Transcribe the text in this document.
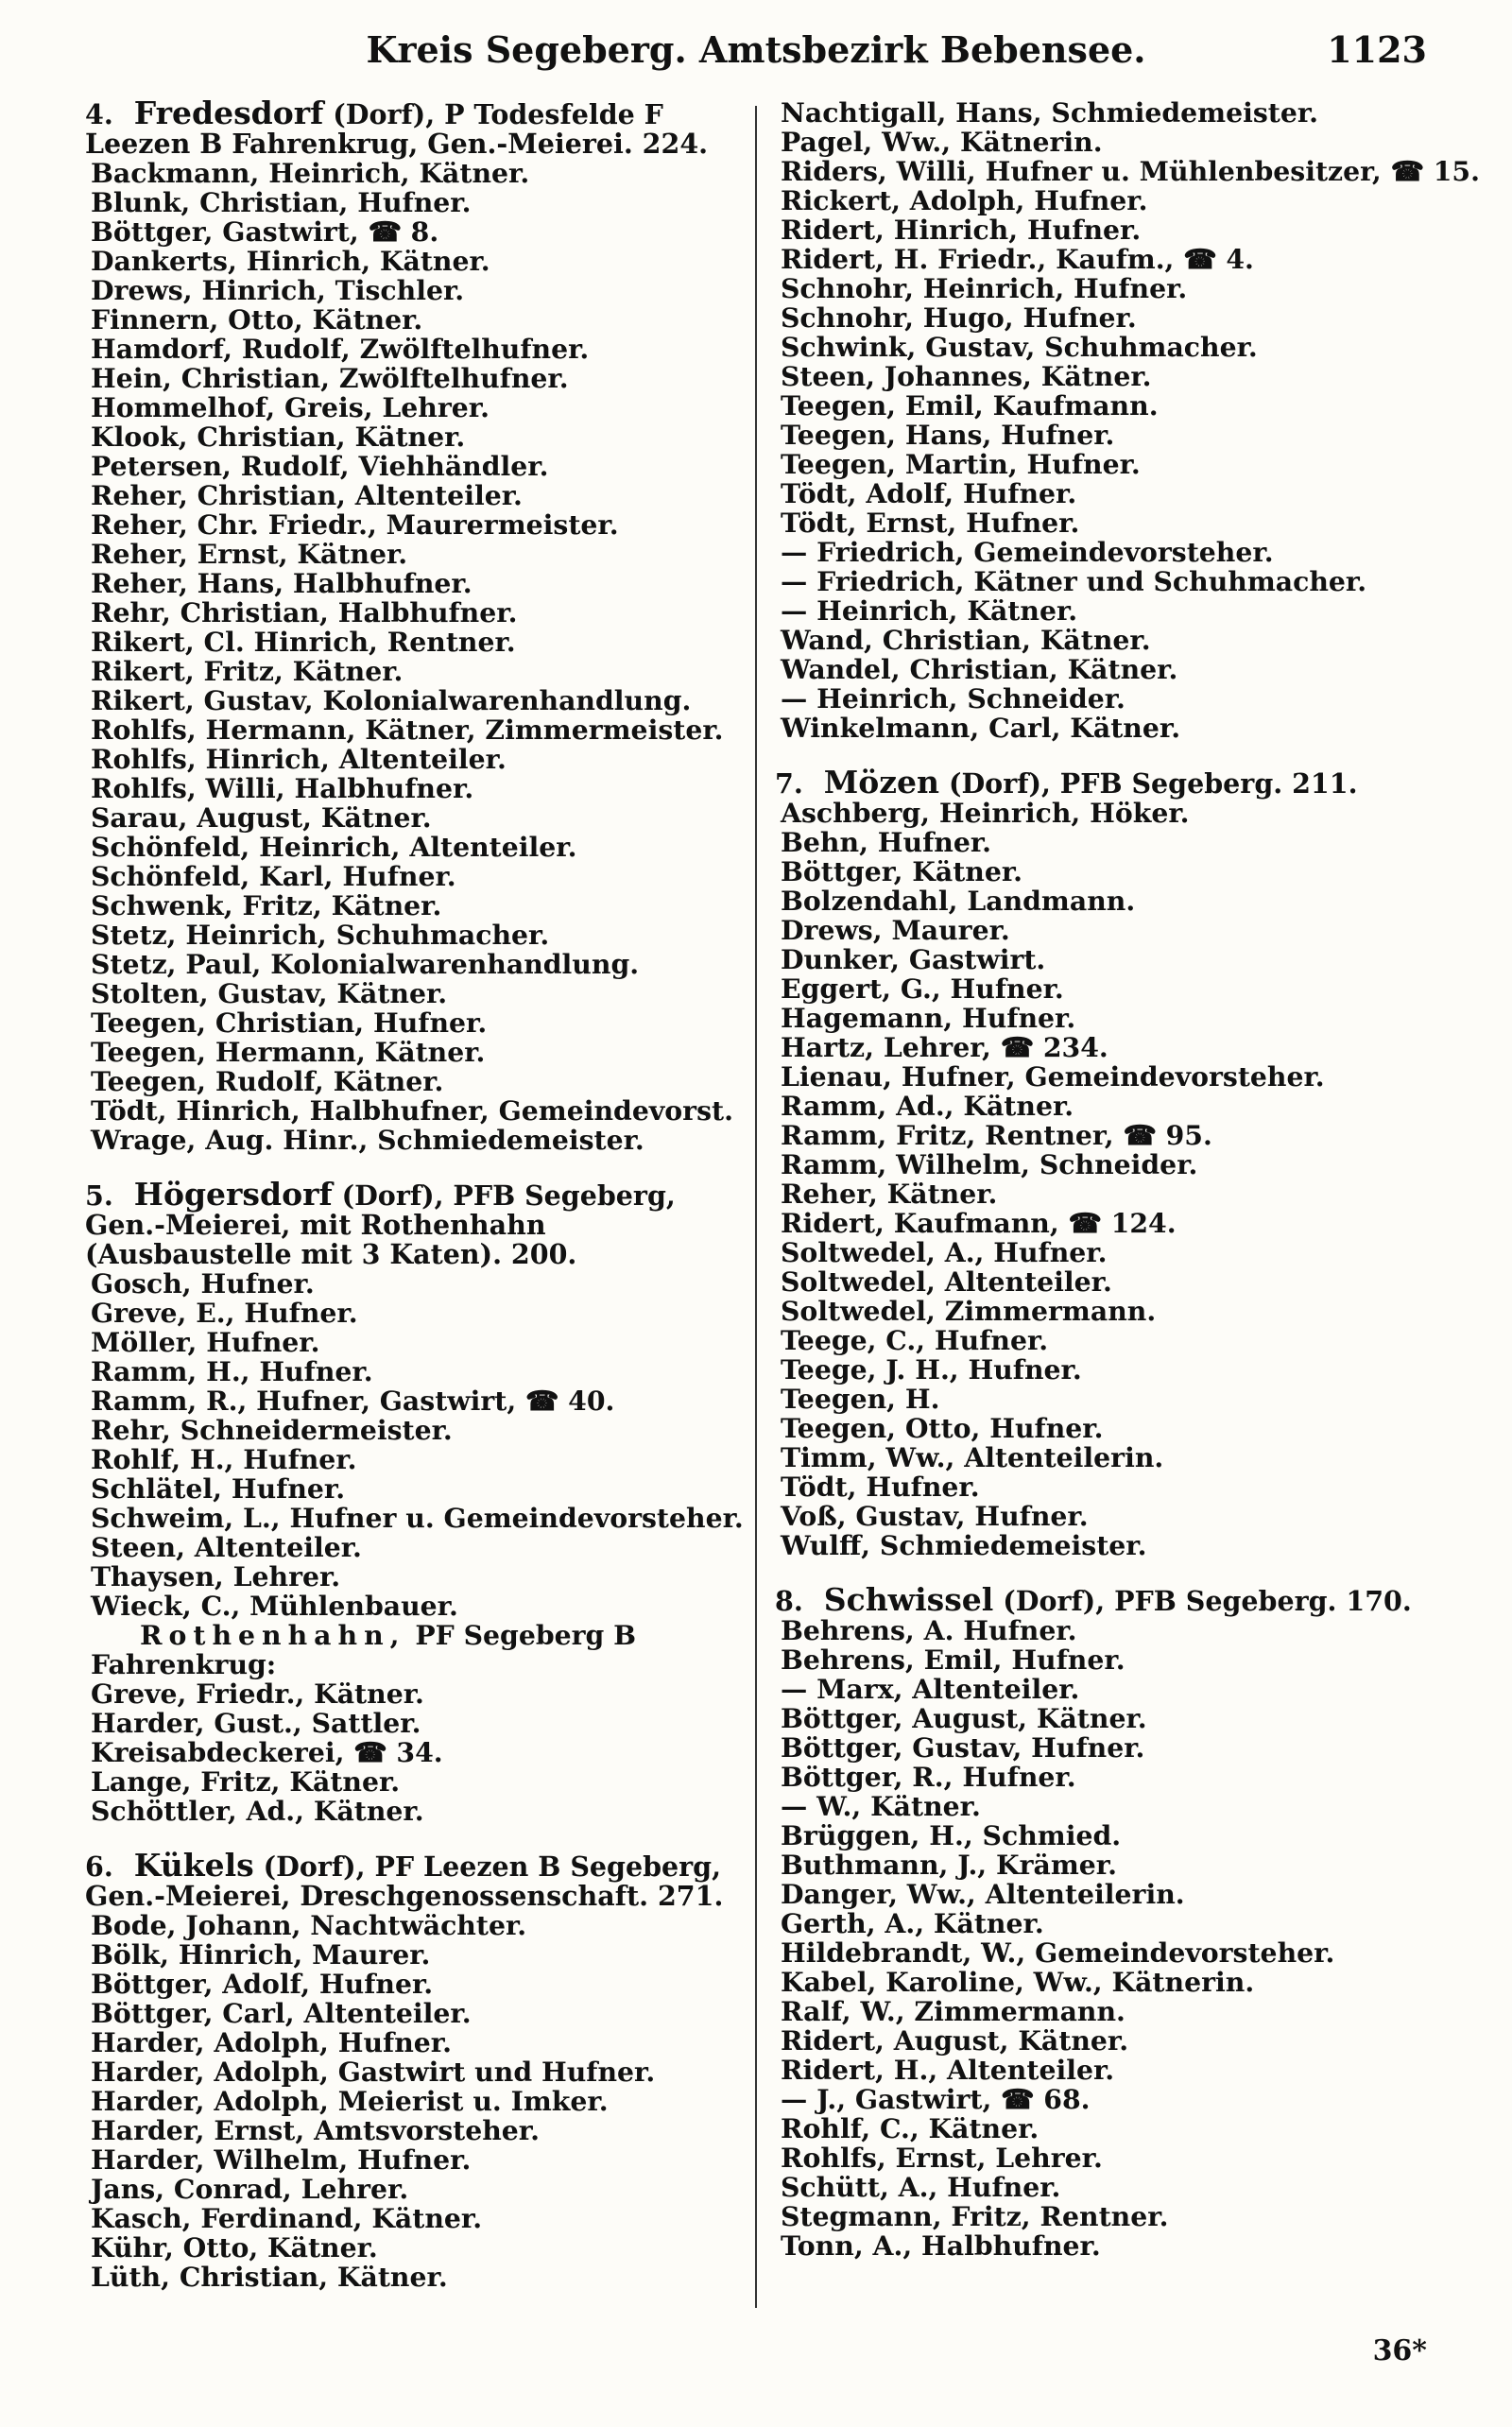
Kreis Segeberg. Amtsbezirk Bebensee.	1123
4. Fredesdorf (Dorf), P Todesfelde F Leezen B Fahrenkrug, Gen.-Meierei. 224.
Backmann, Heinrich, Kätner.
Blunk, Christian, Hufner.
Böttger, Gastwirt, ☎ 8.
Dankerts, Hinrich, Kätner.
Drews, Hinrich, Tischler.
Finnern, Otto, Kätner.
Hamdorf, Rudolf, Zwölftelhufner.
Hein, Christian, Zwölftelhufner.
Hommelhof, Greis, Lehrer.
Klook, Christian, Kätner.
Petersen, Rudolf, Viehhändler.
Reher, Christian, Altenteiler.
Reher, Chr. Friedr., Maurermeister.
Reher, Ernst, Kätner.
Reher, Hans, Halbhufner.
Rehr, Christian, Halbhufner.
Rikert, Cl. Hinrich, Rentner.
Rikert, Fritz, Kätner.
Rikert, Gustav, Kolonialwarenhandlung.
Rohlfs, Hermann, Kätner, Zimmermeister.
Rohlfs, Hinrich, Altenteiler.
Rohlfs, Willi, Halbhufner.
Sarau, August, Kätner.
Schönfeld, Heinrich, Altenteiler.
Schönfeld, Karl, Hufner.
Schwenk, Fritz, Kätner.
Stetz, Heinrich, Schuhmacher.
Stetz, Paul, Kolonialwarenhandlung.
Stolten, Gustav, Kätner.
Teegen, Christian, Hufner.
Teegen, Hermann, Kätner.
Teegen, Rudolf, Kätner.
Tödt, Hinrich, Halbhufner, Gemeindevorst.
Wrage, Aug. Hinr., Schmiedemeister.
5. Högersdorf (Dorf), PFB Segeberg, Gen.-Meierei, mit Rothenhahn (Ausbaustelle mit 3 Katen). 200.
Gosch, Hufner.
Greve, E., Hufner.
Möller, Hufner.
Ramm, H., Hufner.
Ramm, R., Hufner, Gastwirt, ☎ 40.
Rehr, Schneidermeister.
Rohlf, H., Hufner.
Schlätel, Hufner.
Schweim, L., Hufner u. Gemeindevorsteher.
Steen, Altenteiler.
Thaysen, Lehrer.
Wieck, C., Mühlenbauer.
Rothenhahn, PF Segeberg B Fahrenkrug:
Greve, Friedr., Kätner.
Harder, Gust., Sattler.
Kreisabdeckerei, ☎ 34.
Lange, Fritz, Kätner.
Schöttler, Ad., Kätner.
6. Kükels (Dorf), PF Leezen B Segeberg, Gen.-Meierei, Dreschgenossenschaft. 271.
Bode, Johann, Nachtwächter.
Bölk, Hinrich, Maurer.
Böttger, Adolf, Hufner.
Böttger, Carl, Altenteiler.
Harder, Adolph, Hufner.
Harder, Adolph, Gastwirt und Hufner.
Harder, Adolph, Meierist u. Imker.
Harder, Ernst, Amtsvorsteher.
Harder, Wilhelm, Hufner.
Jans, Conrad, Lehrer.
Kasch, Ferdinand, Kätner.
Kühr, Otto, Kätner.
Lüth, Christian, Kätner.
Nachtigall, Hans, Schmiedemeister.
Pagel, Ww., Kätnerin.
Riders, Willi, Hufner u. Mühlenbesitzer, ☎ 15.
Rickert, Adolph, Hufner.
Ridert, Hinrich, Hufner.
Ridert, H. Friedr., Kaufm., ☎ 4.
Schnohr, Heinrich, Hufner.
Schnohr, Hugo, Hufner.
Schwink, Gustav, Schuhmacher.
Steen, Johannes, Kätner.
Teegen, Emil, Kaufmann.
Teegen, Hans, Hufner.
Teegen, Martin, Hufner.
Tödt, Adolf, Hufner.
Tödt, Ernst, Hufner.
— Friedrich, Gemeindevorsteher.
— Friedrich, Kätner und Schuhmacher.
— Heinrich, Kätner.
Wand, Christian, Kätner.
Wandel, Christian, Kätner.
— Heinrich, Schneider.
Winkelmann, Carl, Kätner.
7. Mözen (Dorf), PFB Segeberg. 211.
Aschberg, Heinrich, Höker.
Behn, Hufner.
Böttger, Kätner.
Bolzendahl, Landmann.
Drews, Maurer.
Dunker, Gastwirt.
Eggert, G., Hufner.
Hagemann, Hufner.
Hartz, Lehrer, ☎ 234.
Lienau, Hufner, Gemeindevorsteher.
Ramm, Ad., Kätner.
Ramm, Fritz, Rentner, ☎ 95.
Ramm, Wilhelm, Schneider.
Reher, Kätner.
Ridert, Kaufmann, ☎ 124.
Soltwedel, A., Hufner.
Soltwedel, Altenteiler.
Soltwedel, Zimmermann.
Teege, C., Hufner.
Teege, J. H., Hufner.
Teegen, H.
Teegen, Otto, Hufner.
Timm, Ww., Altenteilerin.
Tödt, Hufner.
Voß, Gustav, Hufner.
Wulff, Schmiedemeister.
8. Schwissel (Dorf), PFB Segeberg. 170.
Behrens, A. Hufner.
Behrens, Emil, Hufner.
— Marx, Altenteiler.
Böttger, August, Kätner.
Böttger, Gustav, Hufner.
Böttger, R., Hufner.
— W., Kätner.
Brüggen, H., Schmied.
Buthmann, J., Krämer.
Danger, Ww., Altenteilerin.
Gerth, A., Kätner.
Hildebrandt, W., Gemeindevorsteher.
Kabel, Karoline, Ww., Kätnerin.
Ralf, W., Zimmermann.
Ridert, August, Kätner.
Ridert, H., Altenteiler.
— J., Gastwirt, ☎ 68.
Rohlf, C., Kätner.
Rohlfs, Ernst, Lehrer.
Schütt, A., Hufner.
Stegmann, Fritz, Rentner.
Tonn, A., Halbhufner.
36*
